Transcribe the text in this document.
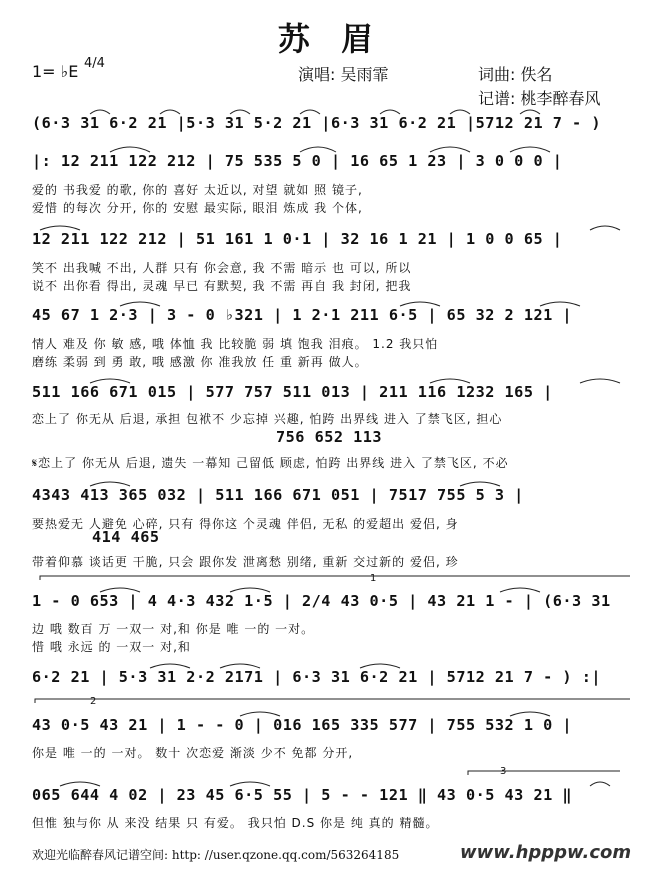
苏 眉
1= ♭E 4/4
演唱: 吴雨霏	词曲: 佚名
记谱: 桃李醉春风
(6·3 31 6·2 21 |5·3 31 5·2 21 |6·3 31 6·2 21 |5712 21 7 - )
|: 12 211 122 212 | 75 535 5 0 | 16 65 1 23 | 3 0 0 0 |
爱的 书我爱 的歌, 你的 喜好 太近以, 对望 就如 照 镜子,
爱惜 的每次 分开, 你的 安慰 最实际, 眼泪 炼成 我 个体,
12 211 122 212 | 51 161 1 0·1 | 32 16 1 21 | 1 0 0 65 |
笑不 出我喊 不出, 人群 只有 你会意, 我 不需 暗示 也 可以, 所以
说不 出你看 得出, 灵魂 早已 有默契, 我 不需 再自 我 封闭, 把我
45 67 1 2·3 | 3 - 0 ♭321 | 1 2·1 211 6·5 | 65 32 2 121 |
情人 难及 你 敏 感, 哦 体恤 我 比较脆 弱 填 饱我 泪痕。 1.2 我只怕
磨练 柔弱 到 勇 敢, 哦 感激 你 准我放 任 重 新再 做人。
511 166 671 015 | 577 757 511 013 | 211 116 1232 165 |
恋上了 你无从 后退, 承担 包袱不 少忘掉 兴趣, 怕跨 出界线 进入 了禁飞区, 担心
756 652 113
𝄋恋上了 你无从 后退, 遗失 一幕知 己留低 顾虑, 怕跨 出界线 进入 了禁飞区, 不必
4343 413 365 032 | 511 166 671 051 | 7517 755 5 3 |
要热爱无 人避免 心碎, 只有 得你这 个灵魂 伴侣, 无私 的爱超出 爱侣, 身
414 465
带着仰慕 谈话更 干脆, 只会 跟你发 泄离愁 别绪, 重新 交过新的 爱侣, 珍
1 - 0 653 | 4 4·3 432 1·5 | 2/4 43 0·5 | 43 21 1 - | (6·3 31
边 哦 数百 万 一双一 对,和 你是 唯 一的 一对。
惜 哦 永远 的 一双一 对,和
6·2 21 | 5·3 31 2·2 2171 | 6·3 31 6·2 21 | 5712 21 7 - ) :|
43 0·5 43 21 | 1 - - 0 | 016 165 335 577 | 755 532 1 0 |
你是 唯 一的 一对。 数十 次恋爱 渐淡 少不 免都 分开,
065 644 4 02 | 23 45 6·5 55 | 5 - - 121 ‖ 43 0·5 43 21 ‖
但惟 独与你 从 来没 结果 只 有爱。 我只怕 D.S 你是 纯 真的 精髓。
1
2
3
欢迎光临醉春风记谱空间: http: //user.qzone.qq.com/563264185	www.hpppw.com
